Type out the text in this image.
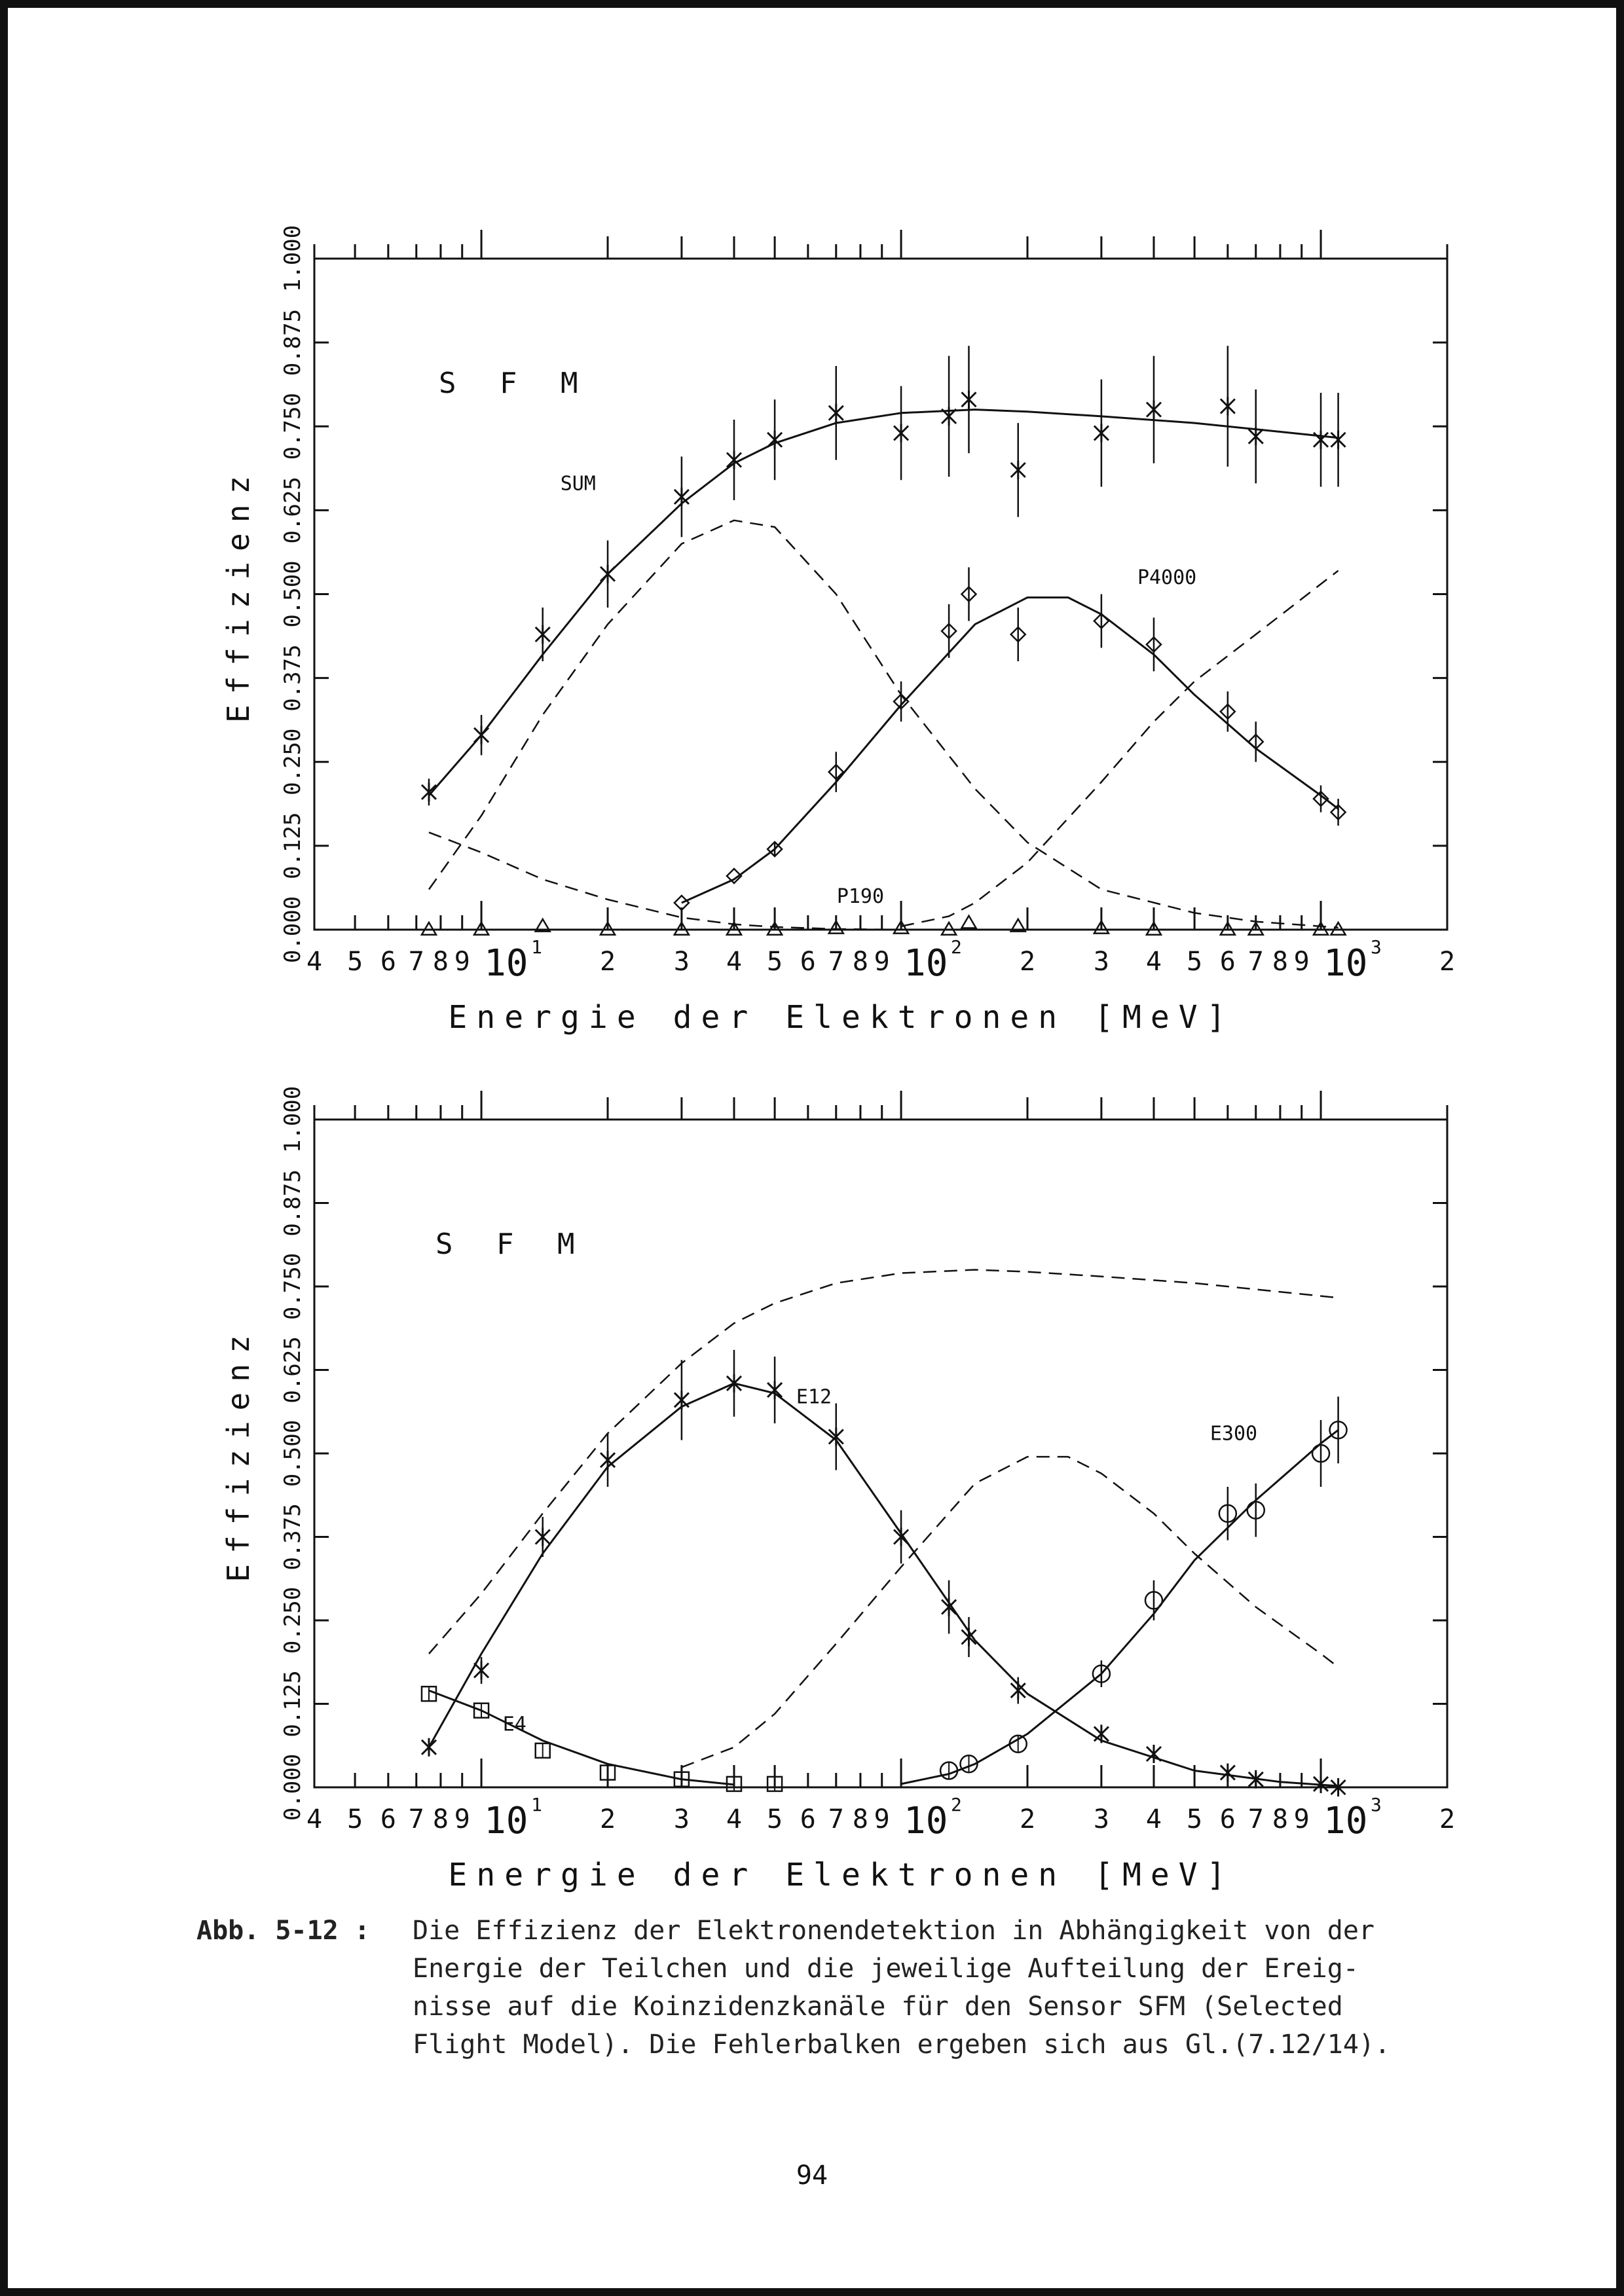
0.000
0.125
0.250
0.375
0.500
0.625
0.750
0.875
1.000
Effizienz
4 5 6 7 8 9	2 3 4 5 6 7 8 9	2 3 4 5 6 7 8 9	2
10 1	10 2	10 3
Energie der Elektronen [MeV]
S F M
SUM
P4000
P190
0.000
0.125
0.250
0.375
0.500
0.625
0.750
0.875
1.000
Effizienz
4 5 6 7 8 9	2 3 4 5 6 7 8 9	2 3 4 5 6 7 8 9	2
10 1	10 2	10 3
Energie der Elektronen [MeV]
S F M
E12
E300
E4
Abb. 5-12 : Die Effizienz der Elektronendetektion in Abhängigkeit von der
Energie der Teilchen und die jeweilige Aufteilung der Ereig-
nisse auf die Koinzidenzkanäle für den Sensor SFM (Selected
Flight Model). Die Fehlerbalken ergeben sich aus Gl.(7.12/14).
94
